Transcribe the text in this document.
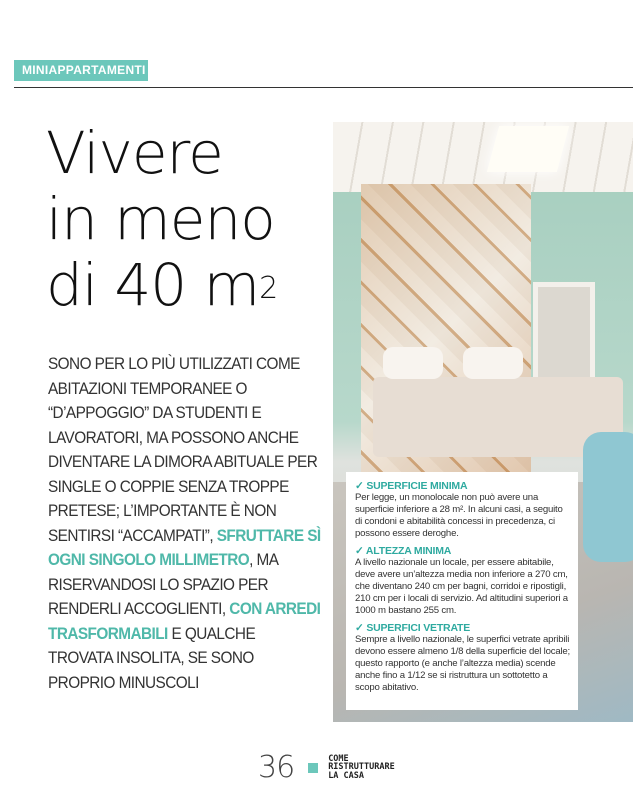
MINIAPPARTAMENTI
Vivere
in meno
di 40 $m^2$

SONO PER LO PIÙ UTILIZZATI COME ABITAZIONI TEMPORANEE O “D’APPOGGIO” DA STUDENTI E LAVORATORI, MA POSSONO ANCHE DIVENTARE LA DIMORA ABITUALE PER SINGLE O COPPIE SENZA TROPPE PRETESE; L’IMPORTANTE È NON SENTIRSI “ACCAMPATI”, SFRUTTARE SÌ OGNI SINGOLO MILLIMETRO, MA RISERVANDOSI LO SPAZIO PER RENDERLI ACCOGLIENTI, CON ARREDI TRASFORMABILI E QUALCHE TROVATA INSOLITA, SE SONO PROPRIO MINUSCOLI

✓ SUPERFICIE MINIMA

Per legge, un monolocale non può avere una superficie inferiore a 28 m². In alcuni casi, a seguito di condoni e abitabilità concessi in precedenza, ci possono essere deroghe.

✓ ALTEZZA MINIMA

A livello nazionale un locale, per essere abitabile, deve avere un’altezza media non inferiore a 270 cm, che diventano 240 cm per bagni, corridoi e ripostigli, 210 cm per i locali di servizio. Ad altitudini superiori a 1000 m bastano 255 cm.

✓ SUPERFICI VETRATE

Sempre a livello nazionale, le superfici vetrate apribili devono essere almeno 1/8 della superficie del locale; questo rapporto (e anche l’altezza media) scende anche fino a 1/12 se si ristruttura un sottotetto a scopo abitativo.

36	COME
RISTRUTTURARE
LA CASA
